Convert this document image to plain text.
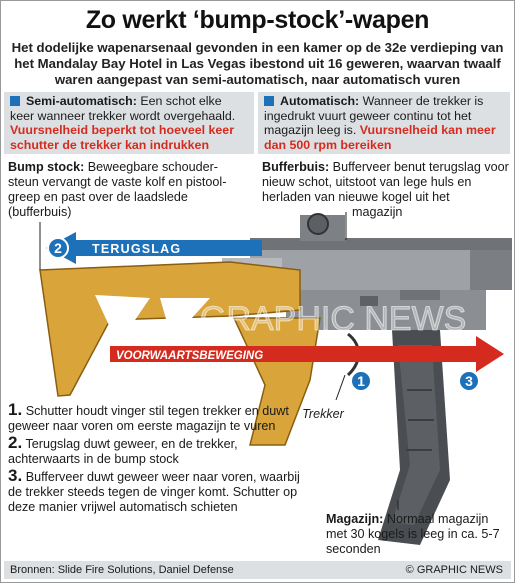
Zo werkt ‘bump-stock’-wapen
Het dodelijke wapenarsenaal gevonden in een kamer op de 32e verdieping van het Mandalay Bay Hotel in Las Vegas ibestond uit 16 geweren, waarvan twaalf waren aangepast van semi-automatisch, naar automatisch vuren
Semi-automatisch: Een schot elke keer wanneer trekker wordt overgehaald. Vuursnelheid beperkt tot hoeveel keer schutter de trekker kan indrukken
Automatisch: Wanneer de trekker is ingedrukt vuurt geweer continu tot het magazijn leeg is. Vuursnelheid kan meer dan 500 rpm bereiken
TERUGSLAG
2
VOORWAARTSBEWEGING
1	3
Trekker
GRAPHIC NEWS
Bump stock: Beweegbare schouder-steun vervangt de vaste kolf en pistool-greep en past over de laadslede (bufferbuis)
Bufferbuis: Bufferveer benut terugslag voor nieuw schot, uitstoot van lege huls en herladen van nieuwe kogel uit het
magazijn
1. Schutter houdt vinger stil tegen trekker en duwt geweer naar voren om eerste magazijn te vuren
2. Terugslag duwt geweer, en de trekker, achterwaarts in de bump stock
3. Bufferveer duwt geweer weer naar voren, waarbij de trekker steeds tegen de vinger komt. Schutter op deze manier vrijwel automatisch schieten
Magazijn: Normaal magazijn met 30 kogels is leeg in ca. 5-7 seconden
Bronnen: Slide Fire Solutions, Daniel Defense	© GRAPHIC NEWS
